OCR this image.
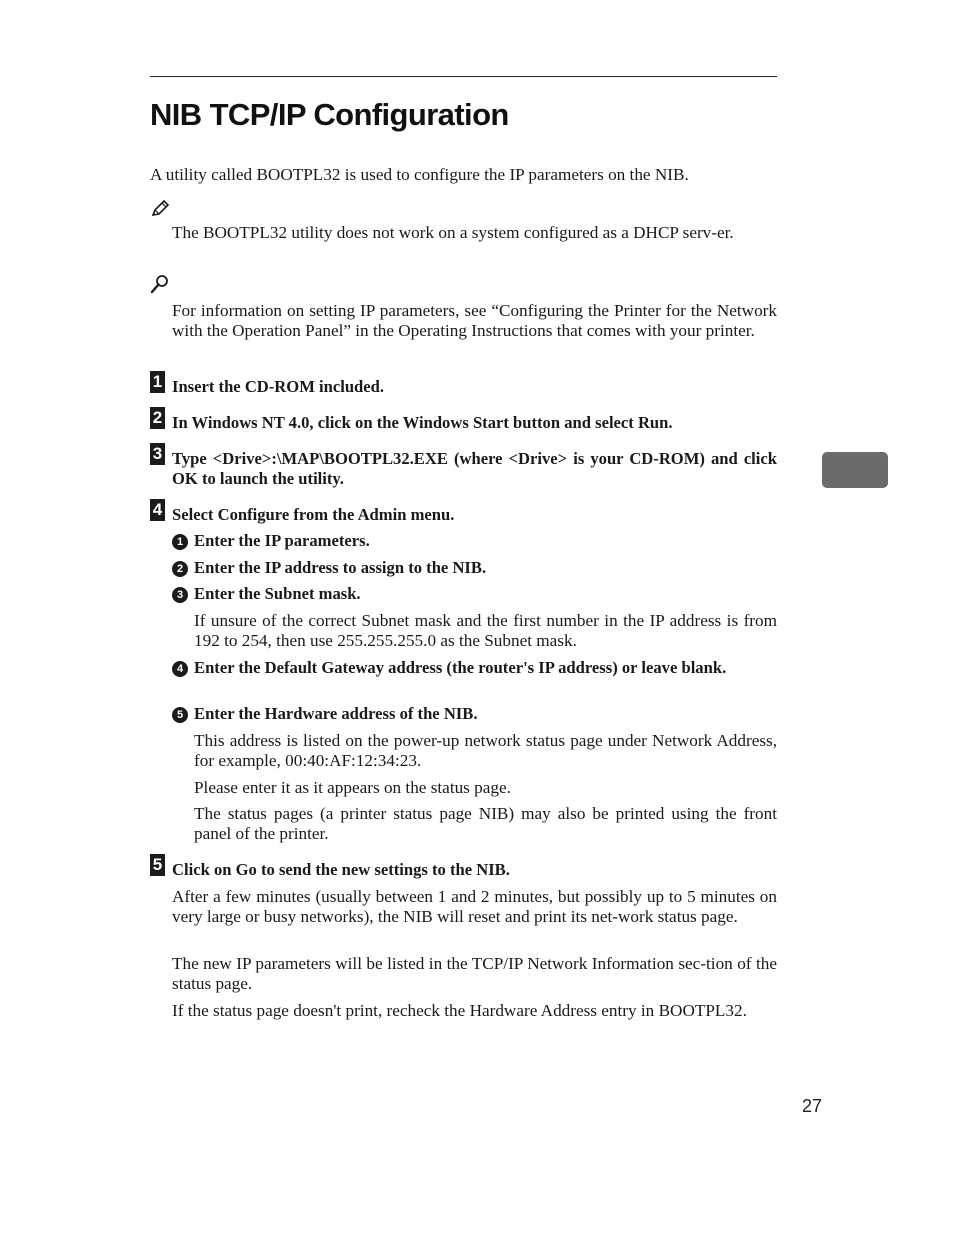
NIB TCP/IP Configuration
A utility called BOOTPL32 is used to configure the IP parameters on the NIB.
The BOOTPL32 utility does not work on a system configured as a DHCP serv-er.
For information on setting IP parameters, see “Configuring the Printer for the Network with the Operation Panel” in the Operating Instructions that comes with your printer.
1 Insert the CD-ROM included.
2 In Windows NT 4.0, click on the Windows Start button and select Run.
3 Type <Drive>:\MAP\BOOTPL32.EXE (where <Drive> is your CD-ROM) and click OK to launch the utility.
4 Select Configure from the Admin menu.
1 Enter the IP parameters.
2 Enter the IP address to assign to the NIB.
3 Enter the Subnet mask.
If unsure of the correct Subnet mask and the first number in the IP address is from 192 to 254, then use 255.255.255.0 as the Subnet mask.
4 Enter the Default Gateway address (the router's IP address) or leave blank.
5 Enter the Hardware address of the NIB.
This address is listed on the power-up network status page under Network Address, for example, 00:40:AF:12:34:23.
Please enter it as it appears on the status page.
The status pages (a printer status page NIB) may also be printed using the front panel of the printer.
5 Click on Go to send the new settings to the NIB.
After a few minutes (usually between 1 and 2 minutes, but possibly up to 5 minutes on very large or busy networks), the NIB will reset and print its net-work status page.
The new IP parameters will be listed in the TCP/IP Network Information sec-tion of the status page.
If the status page doesn't print, recheck the Hardware Address entry in BOOTPL32.
27
